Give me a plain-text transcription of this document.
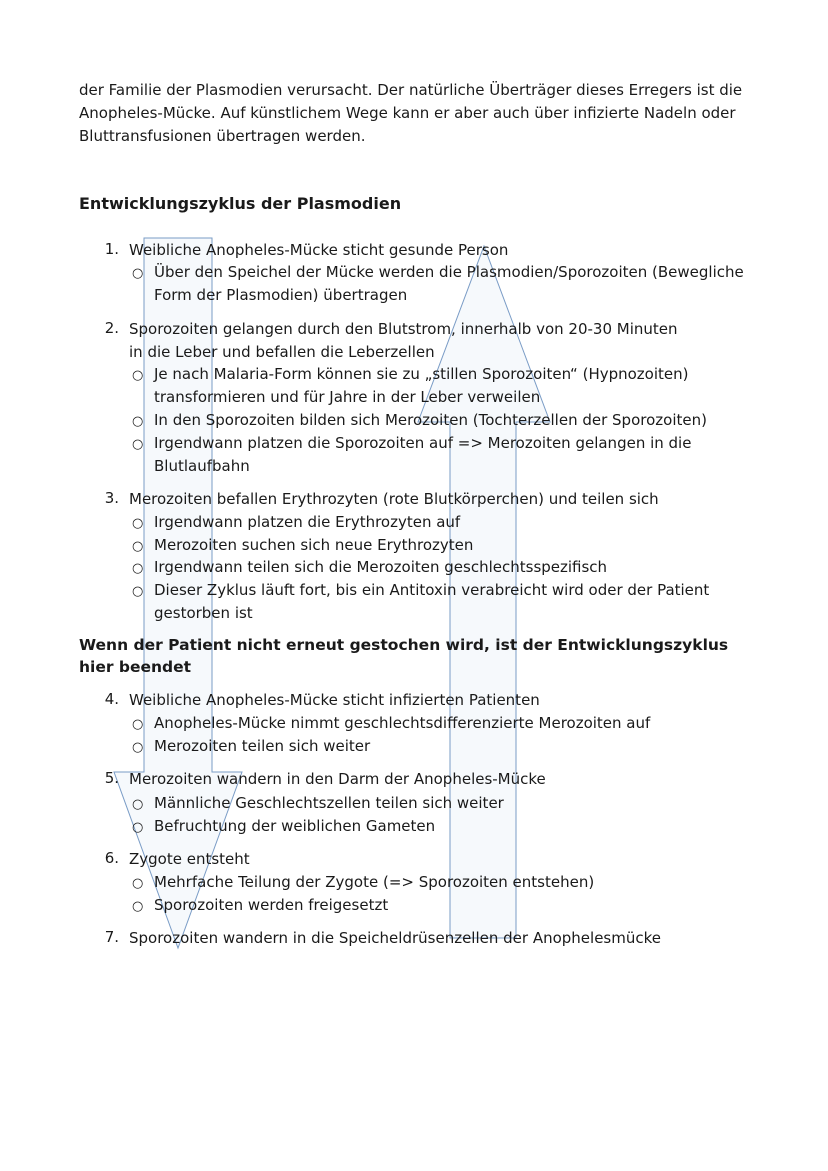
der Familie der Plasmodien verursacht. Der natürliche Überträger dieses Erregers ist die Anopheles-Mücke. Auf künstlichem Wege kann er aber auch über infizierte Nadeln oder Bluttransfusionen übertragen werden.

Entwicklungszyklus der Plasmodien
1. Weibliche Anopheles-Mücke sticht gesunde Person
○ Über den Speichel der Mücke werden die Plasmodien/Sporozoiten (Bewegliche Form der Plasmodien) übertragen
2. Sporozoiten gelangen durch den Blutstrom, innerhalb von 20-30 Minuten in die Leber und befallen die Leberzellen
○ Je nach Malaria-Form können sie zu „stillen Sporozoiten“ (Hypnozoiten) transformieren und für Jahre in der Leber verweilen
○ In den Sporozoiten bilden sich Merozoiten (Tochterzellen der Sporozoiten)
○ Irgendwann platzen die Sporozoiten auf => Merozoiten gelangen in die Blutlaufbahn
3. Merozoiten befallen Erythrozyten (rote Blutkörperchen) und teilen sich
○ Irgendwann platzen die Erythrozyten auf
○ Merozoiten suchen sich neue Erythrozyten
○ Irgendwann teilen sich die Merozoiten geschlechtsspezifisch
○ Dieser Zyklus läuft fort, bis ein Antitoxin verabreicht wird oder der Patient gestorben ist

Wenn der Patient nicht erneut gestochen wird, ist der Entwicklungszyklus hier beendet

4. Weibliche Anopheles-Mücke sticht infizierten Patienten
○ Anopheles-Mücke nimmt geschlechtsdifferenzierte Merozoiten auf
○ Merozoiten teilen sich weiter
5. Merozoiten wandern in den Darm der Anopheles-Mücke
○ Männliche Geschlechtszellen teilen sich weiter
○ Befruchtung der weiblichen Gameten
6. Zygote entsteht
○ Mehrfache Teilung der Zygote (=> Sporozoiten entstehen)
○ Sporozoiten werden freigesetzt
7. Sporozoiten wandern in die Speicheldrüsenzellen der Anophelesmücke
